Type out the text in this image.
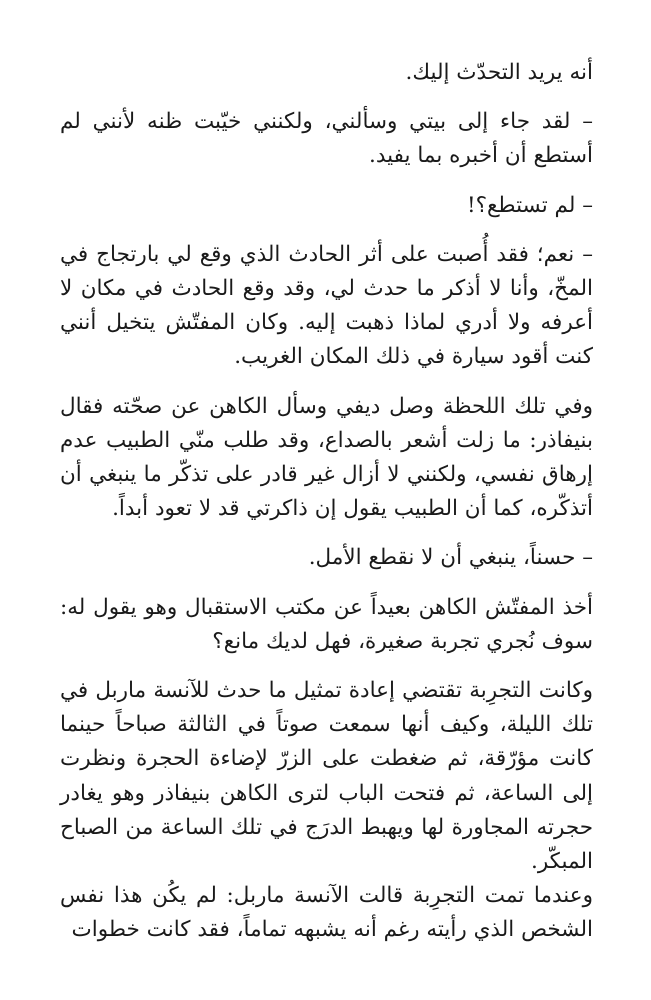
أنه يريد التحدّث إليك.

– لقد جاء إلى بيتي وسألني، ولكنني خيّبت ظنه لأنني لم أستطع أن أخبره بما يفيد.

– لم تستطع؟!

– نعم؛ فقد أُصبت على أثر الحادث الذي وقع لي بارتجاج في المخّ، وأنا لا أذكر ما حدث لي، وقد وقع الحادث في مكان لا أعرفه ولا أدري لماذا ذهبت إليه. وكان المفتّش يتخيل أنني كنت أقود سيارة في ذلك المكان الغريب.

وفي تلك اللحظة وصل ديفي وسأل الكاهن عن صحّته فقال بنيفاذر: ما زلت أشعر بالصداع، وقد طلب منّي الطبيب عدم إرهاق نفسي، ولكنني لا أزال غير قادر على تذكّر ما ينبغي أن أتذكّره، كما أن الطبيب يقول إن ذاكرتي قد لا تعود أبداً.

– حسناً، ينبغي أن لا نقطع الأمل.

أخذ المفتّش الكاهن بعيداً عن مكتب الاستقبال وهو يقول له: سوف نُجري تجربة صغيرة، فهل لديك مانع؟

وكانت التجرِبة تقتضي إعادة تمثيل ما حدث للآنسة ماربل في تلك الليلة، وكيف أنها سمعت صوتاً في الثالثة صباحاً حينما كانت مؤرّقة، ثم ضغطت على الزرّ لإضاءة الحجرة ونظرت إلى الساعة، ثم فتحت الباب لترى الكاهن بنيفاذر وهو يغادر حجرته المجاورة لها ويهبط الدرَج في تلك الساعة من الصباح المبكّر.

وعندما تمت التجرِبة قالت الآنسة ماربل: لم يكُن هذا نفس الشخص الذي رأيته رغم أنه يشبهه تماماً، فقد كانت خطوات
